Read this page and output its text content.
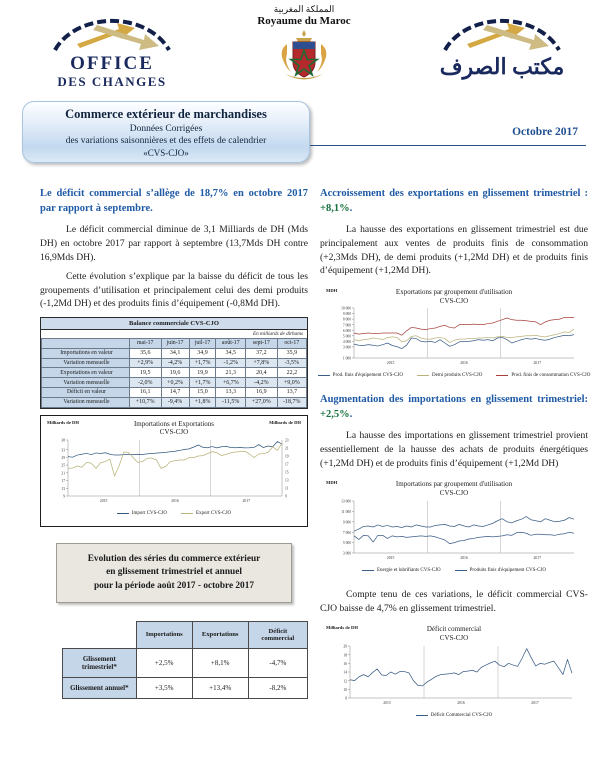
OFFICE
DES CHANGES
المملكة المغربية
Royaume du Maroc
مكتب الصرف
Commerce extérieur de marchandises
Données Corrigées
des variations saisonnières et des effets de calendrier
«CVS-CJO»
Octobre 2017
Le déficit commercial s’allège de 18,7% en octobre 2017 par rapport à septembre.

Le déficit commercial diminue de 3,1 Milliards de DH (Mds DH) en octobre 2017 par rapport à septembre (13,7Mds DH contre 16,9Mds DH).

Cette évolution s’explique par la baisse du déficit de tous les groupements d’utilisation et principalement celui des demi produits (-1,2Md DH) et des produits finis d’équipement (-0,8Md DH).

Balance commerciale CVS-CJO
En milliards de dirhams
	mai-17	juin-17	juil-17	août-17	sept-17	oct-17
Importations en valeur	35,6	34,1	34,9	34,5	37,2	35,9
Variation mensuelle	+2,9%	-4,2%	+1,7%	-1,2%	+7,8%	-3,5%
Exportations en valeur	19,5	19,6	19,9	21,3	20,4	22,2
Variation mensuelle	-2,0%	+0,2%	+1,7%	+6,7%	-4,2%	+9,0%
Déficit en valeur	16,1	14,7	15,0	13,3	16,9	13,7
Variation mensuelle	+10,7%	-9,4%	+1,8%	-11,5%	+27,0%	-18,7%
Milliards de DH	Milliards de DH
Importations et Exportations
CVS-CJO
9
13
17
21
25
29
33
38
9
11
13
15
17
19
21
23
2015	2016	2017
Import CVS-CJO	Export CVS-CJO
Evolution des séries du commerce extérieur
en glissement trimestriel et annuel
pour la période août 2017 - octobre 2017
	Importations	Exportations	Déficit commercial
Glissement trimestriel*	+2,5%	+8,1%	-4,7%
Glissement annuel*	+3,5%	+13,4%	-8,2%
Accroissement des exportations en glissement trimestriel : +8,1%.

La hausse des exportations en glissement trimestriel est due principalement aux ventes de produits finis de consommation (+2,3Mds DH), de demi produits (+1,2Md DH) et de produits finis d’équipement (+1,2Md DH).

MDH	Exportations par groupement d'utilisation
CVS-CJO
1 000
3 000
4 000
5 000
6 000
7 000
8 000
9 000
10 000
2015	2016	2017
Prod. finis d'équipement CVS-CJO	Demi produits CVS-CJO	Prod. finis de consommation CVS-CJO
Augmentation des importations en glissement trimestriel: +2,5%.

La hausse des importations en glissement trimestriel provient essentiellement de la hausse des achats de produits énergétiques (+1,2Md DH) et de produits finis d’équipement (+1,2Md DH)

MDH	Importations par groupement d'utilisation
CVS-CJO
3 000
5 000
7 000
9 000
11 000
13 000
2015	2016	2017
Energie et lubrifiants CVS-CJO	Produits finis d'équipement CVS-CJO

Compte tenu de ces variations, le déficit commercial CVS-CJO baisse de 4,7% en glissement trimestriel.

Milliards de DH	Déficit commercial
CVS-CJO
8
10
12
14
16
18
20
2015	2016	2017
Déficit Commercial CVS-CJO
